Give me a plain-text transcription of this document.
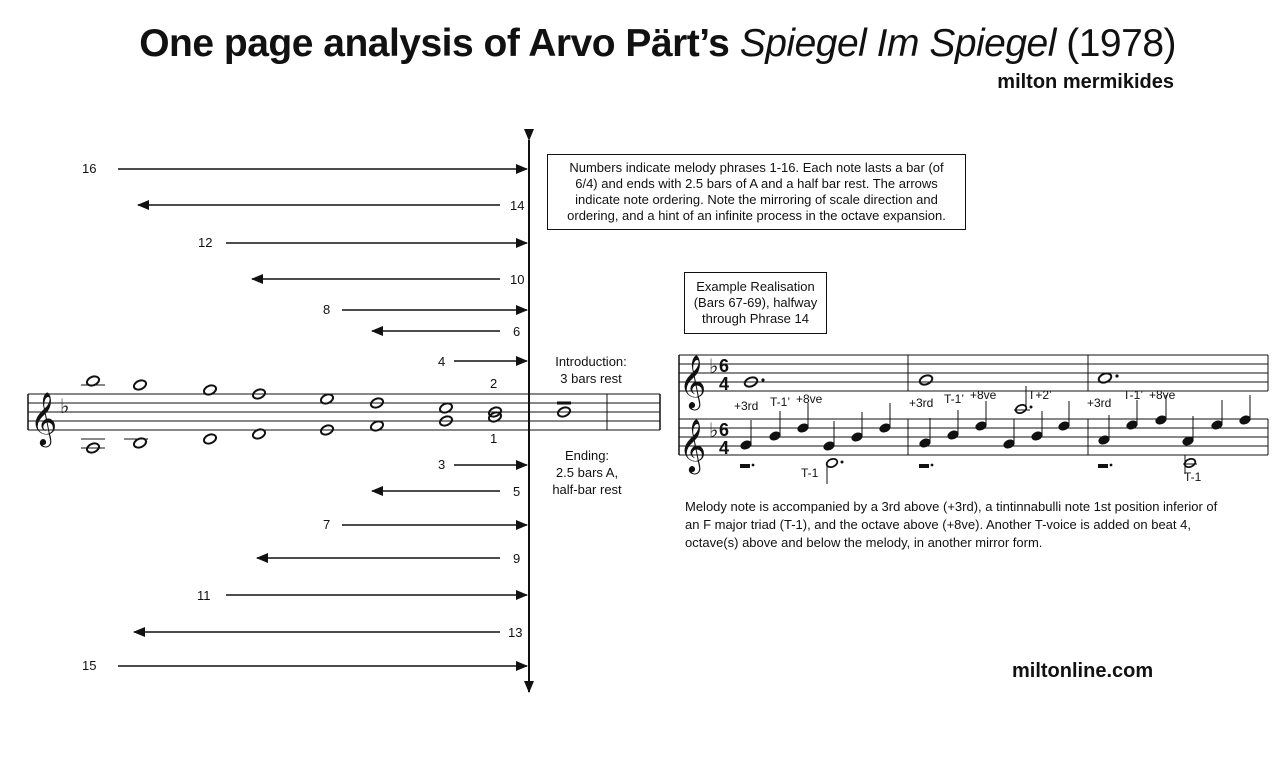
One page analysis of Arvo Pärt’s Spiegel Im Spiegel (1978)
milton mermikides
16
14
12
10
8
6
4
2
1
3
5
7
9
11
13
15
𝄞 ♭	𝄞 ♭ 6
4
𝄞 ♭ 6
4
+3rd T-1’ +8ve
T-1
+3rd T-1’ +8ve	T+2’
+3rd
T-1’ +8ve
T-1
Numbers indicate melody phrases 1-16. Each note lasts a bar (of
6/4) and ends with 2.5 bars of A and a half bar rest. The arrows
indicate note ordering. Note the mirroring of scale direction and
ordering, and a hint of an infinite process in the octave expansion.
Example Realisation
(Bars 67-69), halfway
through Phrase 14
Introduction:
3 bars rest
Ending:
2.5 bars A,
half-bar rest
Melody note is accompanied by a 3rd above (+3rd), a tintinnabulli note 1st position inferior of
an F major triad (T-1), and the octave above (+8ve). Another T-voice is added on beat 4,
octave(s) above and below the melody, in another mirror form.
miltonline.com
